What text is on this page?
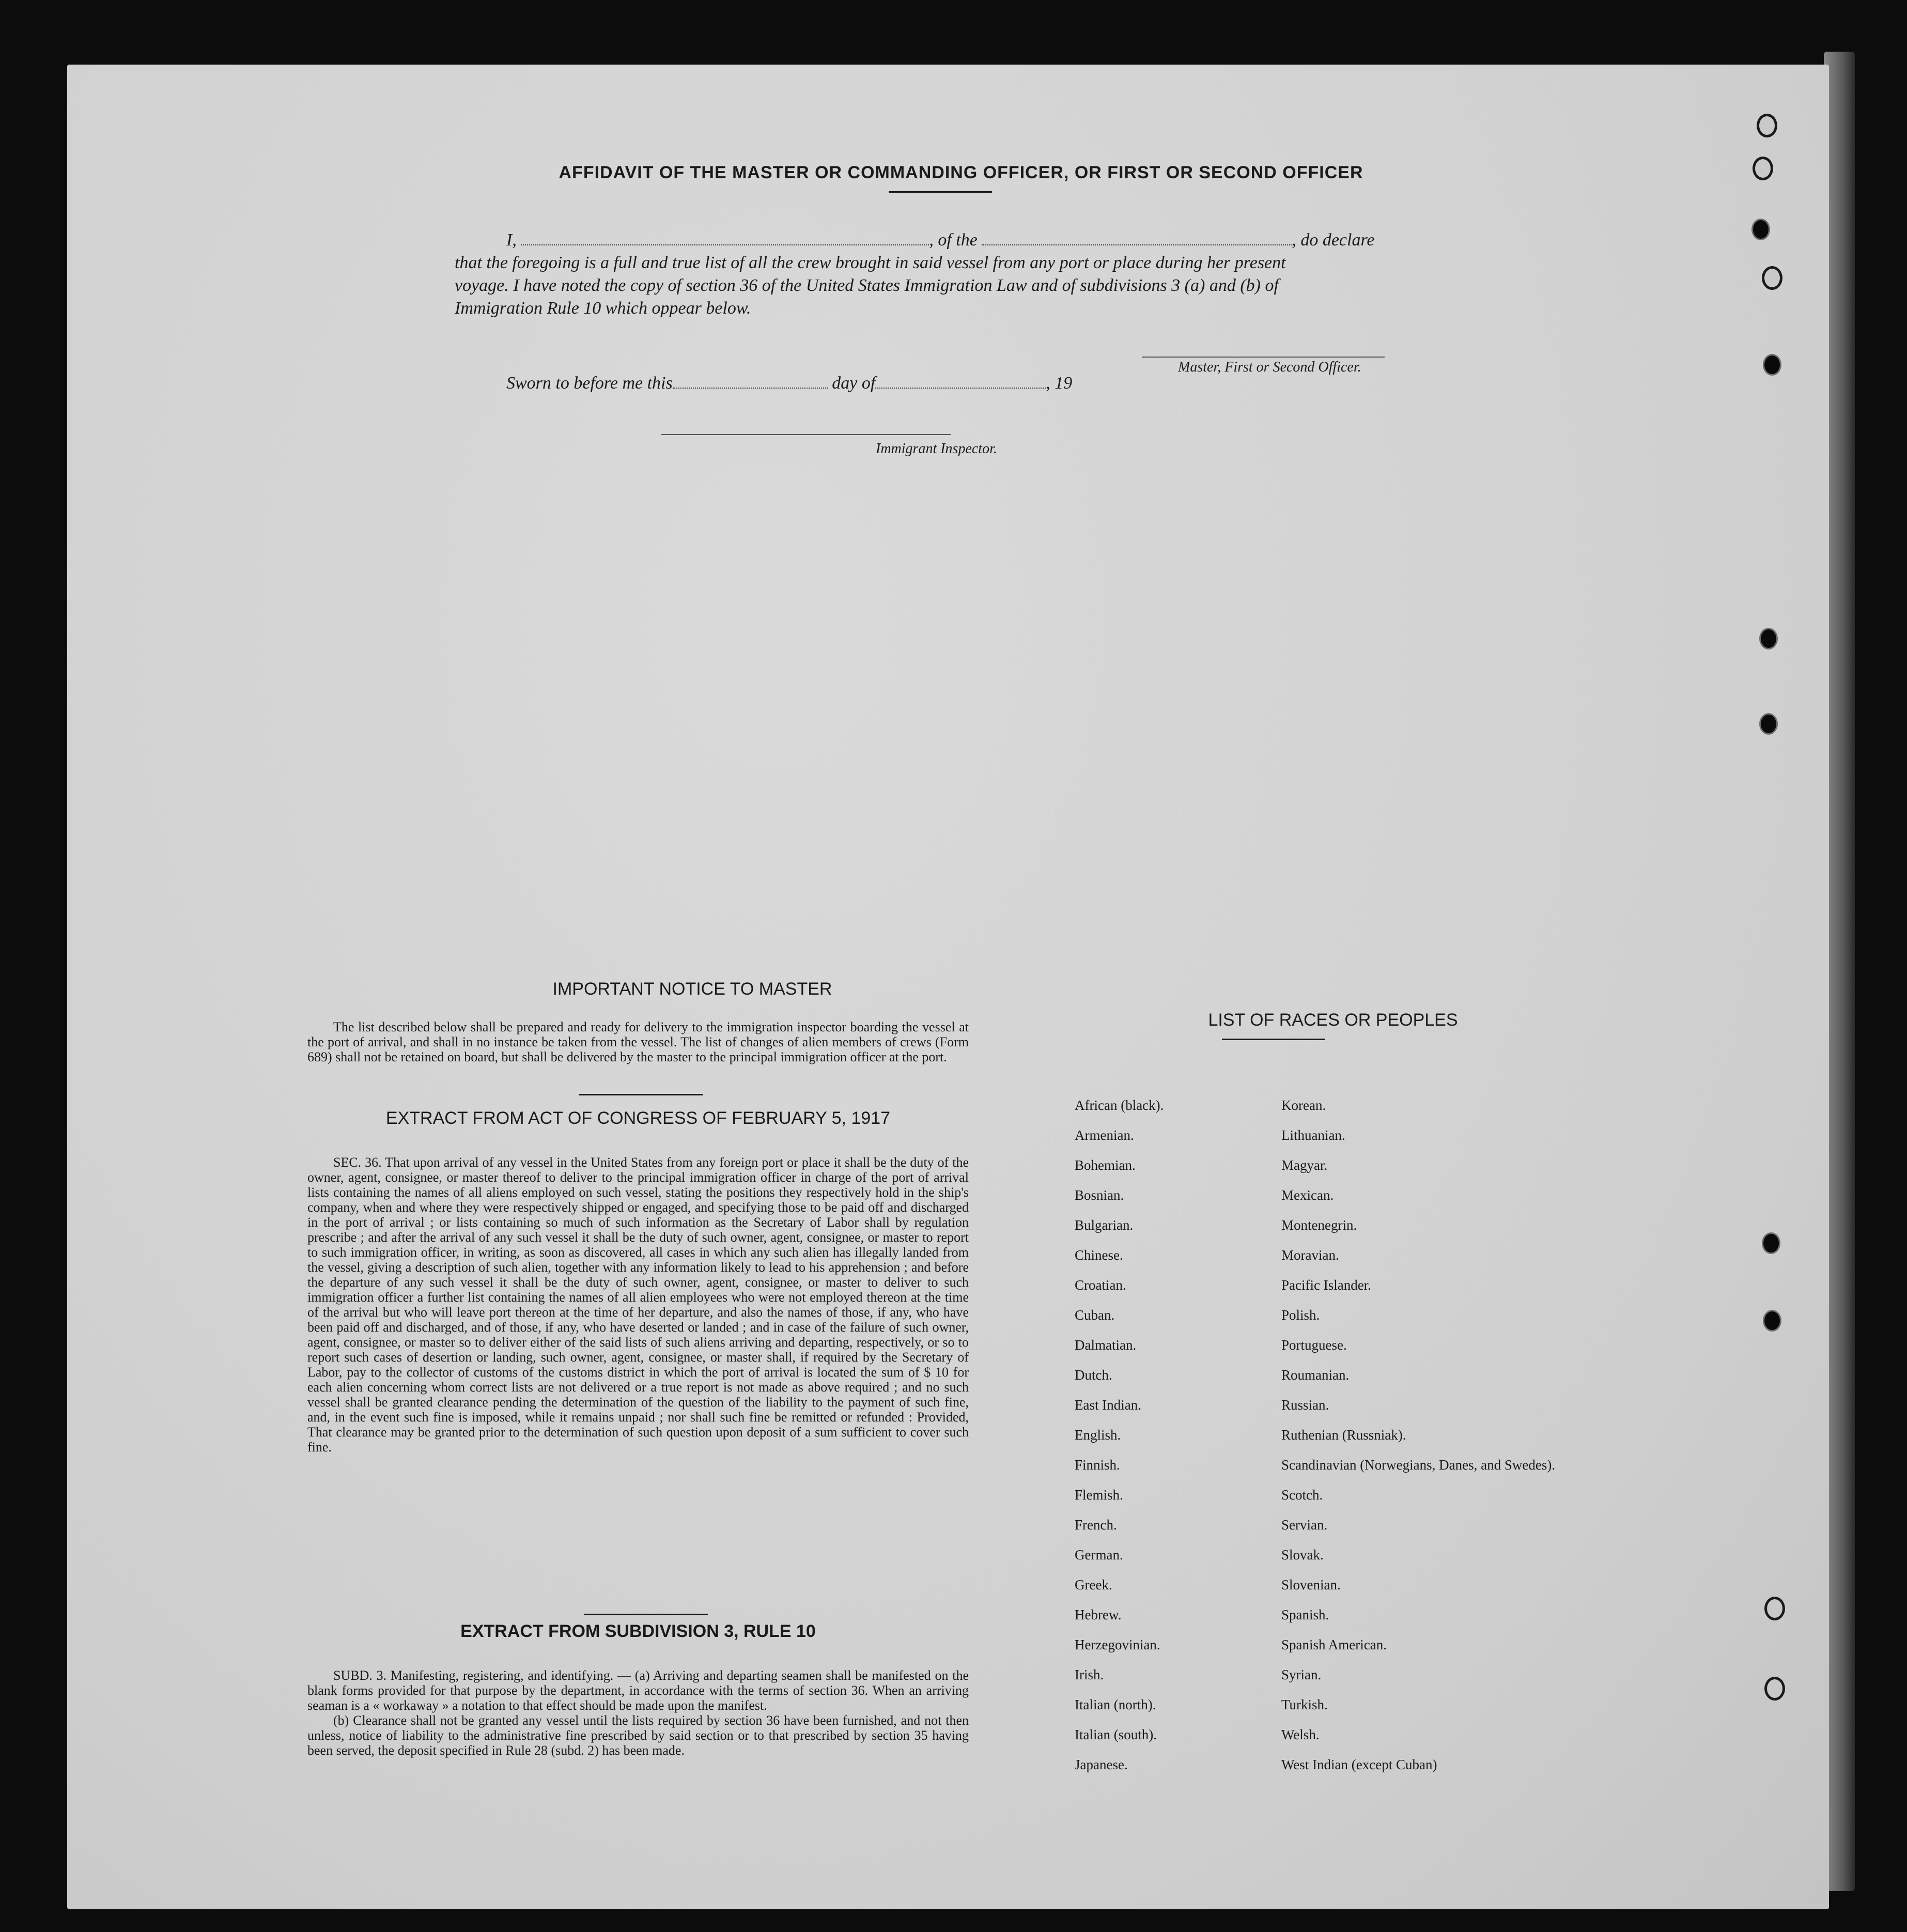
AFFIDAVIT OF THE MASTER OR COMMANDING OFFICER, OR FIRST OR SECOND OFFICER
I,	, of the	, do declare
that the foregoing is a full and true list of all the crew brought in said vessel from any port or place during her present
voyage. I have noted the copy of section 36 of the United States Immigration Law and of subdivisions 3 (a) and (b) of
Immigration Rule 10 which oppear below.
Master, First or Second Officer.
Sworn to before me this	day of	, 19
Immigrant Inspector.
IMPORTANT NOTICE TO MASTER

The list described below shall be prepared and ready for delivery to the immigration inspector boarding the vessel at the port of arrival, and shall in no instance be taken from the vessel. The list of changes of alien members of crews (Form 689) shall not be retained on board, but shall be delivered by the master to the principal immigration officer at the port.

EXTRACT FROM ACT OF CONGRESS OF FEBRUARY 5, 1917

SEC. 36. That upon arrival of any vessel in the United States from any foreign port or place it shall be the duty of the owner, agent, consignee, or master thereof to deliver to the principal immigration officer in charge of the port of arrival lists containing the names of all aliens employed on such vessel, stating the positions they respectively hold in the ship's company, when and where they were respectively shipped or engaged, and specifying those to be paid off and discharged in the port of arrival ; or lists containing so much of such information as the Secretary of Labor shall by regulation prescribe ; and after the arrival of any such vessel it shall be the duty of such owner, agent, consignee, or master to report to such immigration officer, in writing, as soon as discovered, all cases in which any such alien has illegally landed from the vessel, giving a description of such alien, together with any information likely to lead to his apprehension ; and before the departure of any such vessel it shall be the duty of such owner, agent, consignee, or master to deliver to such immigration officer a further list containing the names of all alien employees who were not employed thereon at the time of the arrival but who will leave port thereon at the time of her departure, and also the names of those, if any, who have been paid off and discharged, and of those, if any, who have deserted or landed ; and in case of the failure of such owner, agent, consignee, or master so to deliver either of the said lists of such aliens arriving and departing, respectively, or so to report such cases of desertion or landing, such owner, agent, consignee, or master shall, if required by the Secretary of Labor, pay to the collector of customs of the customs district in which the port of arrival is located the sum of $ 10 for each alien concerning whom correct lists are not delivered or a true report is not made as above required ; and no such vessel shall be granted clearance pending the determination of the question of the liability to the payment of such fine, and, in the event such fine is imposed, while it remains unpaid ; nor shall such fine be remitted or refunded : Provided, That clearance may be granted prior to the determination of such question upon deposit of a sum sufficient to cover such fine.

EXTRACT FROM SUBDIVISION 3, RULE 10

SUBD. 3. Manifesting, registering, and identifying. — (a) Arriving and departing seamen shall be manifested on the blank forms provided for that purpose by the department, in accordance with the terms of section 36. When an arriving seaman is a « workaway » a notation to that effect should be made upon the manifest.

(b) Clearance shall not be granted any vessel until the lists required by section 36 have been furnished, and not then unless, notice of liability to the administrative fine prescribed by said section or to that prescribed by section 35 having been served, the deposit specified in Rule 28 (subd. 2) has been made.

LIST OF RACES OR PEOPLES
African (black).	Korean.
Armenian.	Lithuanian.
Bohemian.	Magyar.
Bosnian.	Mexican.
Bulgarian.	Montenegrin.
Chinese.	Moravian.
Croatian.	Pacific Islander.
Cuban.	Polish.
Dalmatian.	Portuguese.
Dutch.	Roumanian.
East Indian.	Russian.
English.	Ruthenian (Russniak).
Finnish.	Scandinavian (Norwegians, Danes, and Swedes).
Flemish.	Scotch.
French.	Servian.
German.	Slovak.
Greek.	Slovenian.
Hebrew.	Spanish.
Herzegovinian.	Spanish American.
Irish.	Syrian.
Italian (north).	Turkish.
Italian (south).	Welsh.
Japanese.	West Indian (except Cuban)
